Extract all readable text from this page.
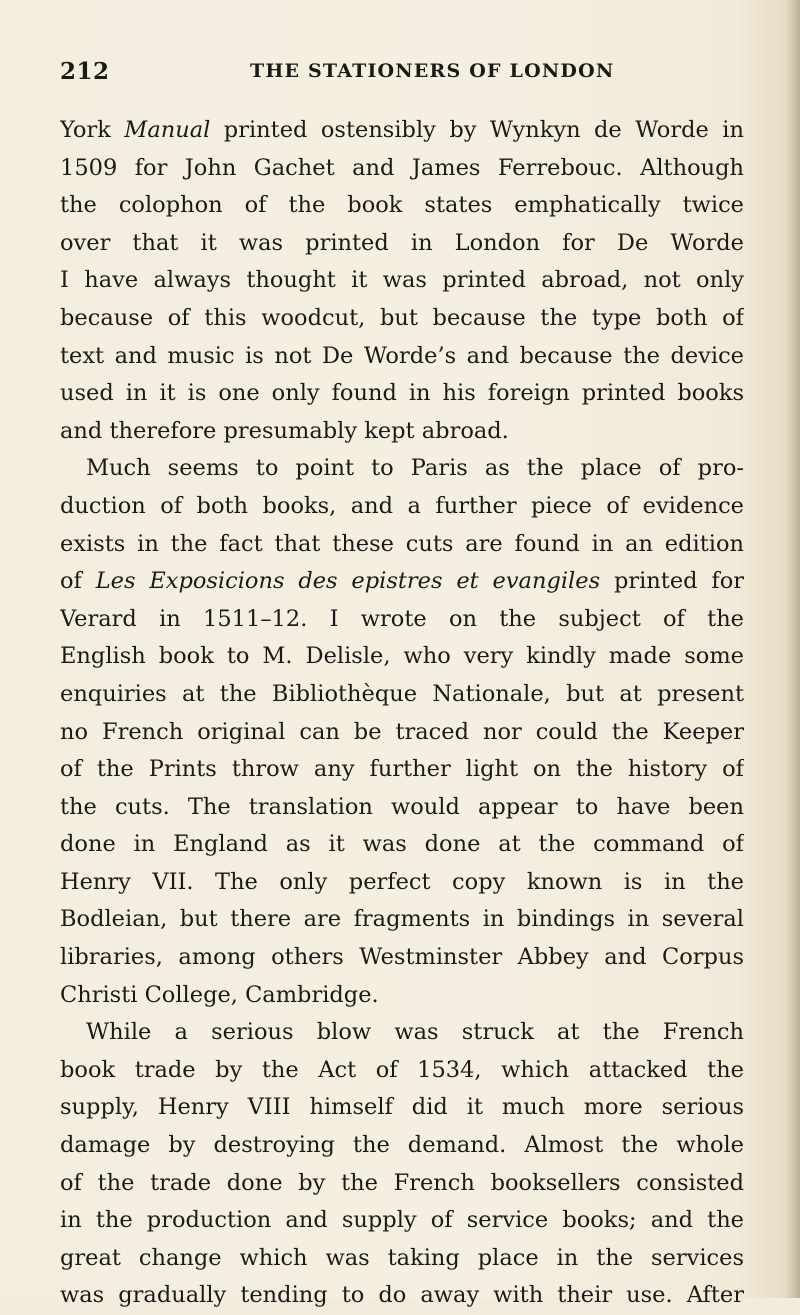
212	THE STATIONERS OF LONDON
York Manual printed ostensibly by Wynkyn de Worde in
1509 for John Gachet and James Ferrebouc. Although
the colophon of the book states emphatically twice
over that it was printed in London for De Worde
I have always thought it was printed abroad, not only
because of this woodcut, but because the type both of
text and music is not De Worde’s and because the device
used in it is one only found in his foreign printed books
and therefore presumably kept abroad.
Much seems to point to Paris as the place of pro-
duction of both books, and a further piece of evidence
exists in the fact that these cuts are found in an edition
of Les Exposicions des epistres et evangiles printed for
Verard in 1511–12. I wrote on the subject of the
English book to M. Delisle, who very kindly made some
enquiries at the Bibliothèque Nationale, but at present
no French original can be traced nor could the Keeper
of the Prints throw any further light on the history of
the cuts. The translation would appear to have been
done in England as it was done at the command of
Henry VII. The only perfect copy known is in the
Bodleian, but there are fragments in bindings in several
libraries, among others Westminster Abbey and Corpus
Christi College, Cambridge.
While a serious blow was struck at the French
book trade by the Act of 1534, which attacked the
supply, Henry VIII himself did it much more serious
damage by destroying the demand. Almost the whole
of the trade done by the French booksellers consisted
in the production and supply of service books; and the
great change which was taking place in the services
was gradually tending to do away with their use. After
